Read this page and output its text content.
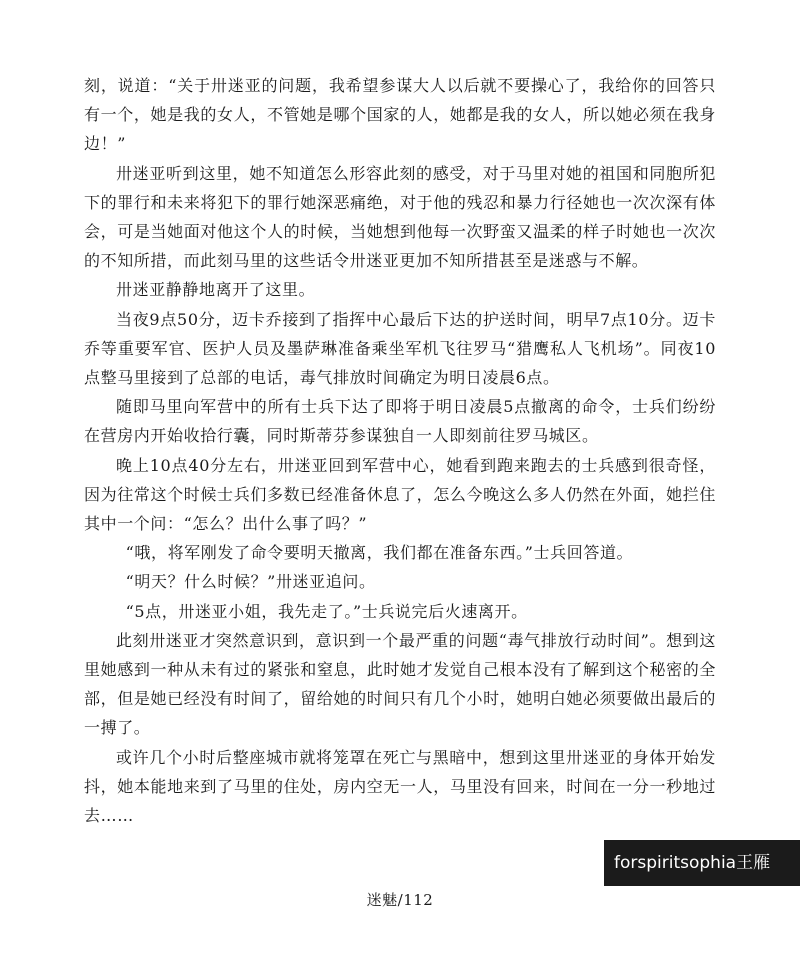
刻，说道：“关于卅迷亚的问题，我希望参谋大人以后就不要操心了，我给你的回答只有一个，她是我的女人，不管她是哪个国家的人，她都是我的女人，所以她必须在我身边！”

卅迷亚听到这里，她不知道怎么形容此刻的感受，对于马里对她的祖国和同胞所犯下的罪行和未来将犯下的罪行她深恶痛绝，对于他的残忍和暴力行径她也一次次深有体会，可是当她面对他这个人的时候，当她想到他每一次野蛮又温柔的样子时她也一次次的不知所措，而此刻马里的这些话令卅迷亚更加不知所措甚至是迷惑与不解。

卅迷亚静静地离开了这里。

当夜9点50分，迈卡乔接到了指挥中心最后下达的护送时间，明早7点10分。迈卡乔等重要军官、医护人员及墨萨琳准备乘坐军机飞往罗马“猎鹰私人飞机场”。同夜10点整马里接到了总部的电话，毒气排放时间确定为明日凌晨6点。

随即马里向军营中的所有士兵下达了即将于明日凌晨5点撤离的命令，士兵们纷纷在营房内开始收拾行囊，同时斯蒂芬参谋独自一人即刻前往罗马城区。

晚上10点40分左右，卅迷亚回到军营中心，她看到跑来跑去的士兵感到很奇怪，因为往常这个时候士兵们多数已经准备休息了，怎么今晚这么多人仍然在外面，她拦住其中一个问：“怎么？出什么事了吗？”

“哦，将军刚发了命令要明天撤离，我们都在准备东西。”士兵回答道。

“明天？什么时候？”卅迷亚追问。

“5点，卅迷亚小姐，我先走了。”士兵说完后火速离开。

此刻卅迷亚才突然意识到，意识到一个最严重的问题“毒气排放行动时间”。想到这里她感到一种从未有过的紧张和窒息，此时她才发觉自己根本没有了解到这个秘密的全部，但是她已经没有时间了，留给她的时间只有几个小时，她明白她必须要做出最后的一搏了。

或许几个小时后整座城市就将笼罩在死亡与黑暗中，想到这里卅迷亚的身体开始发抖，她本能地来到了马里的住处，房内空无一人，马里没有回来，时间在一分一秒地过去……

forspiritsophia王雁
迷魅/112
